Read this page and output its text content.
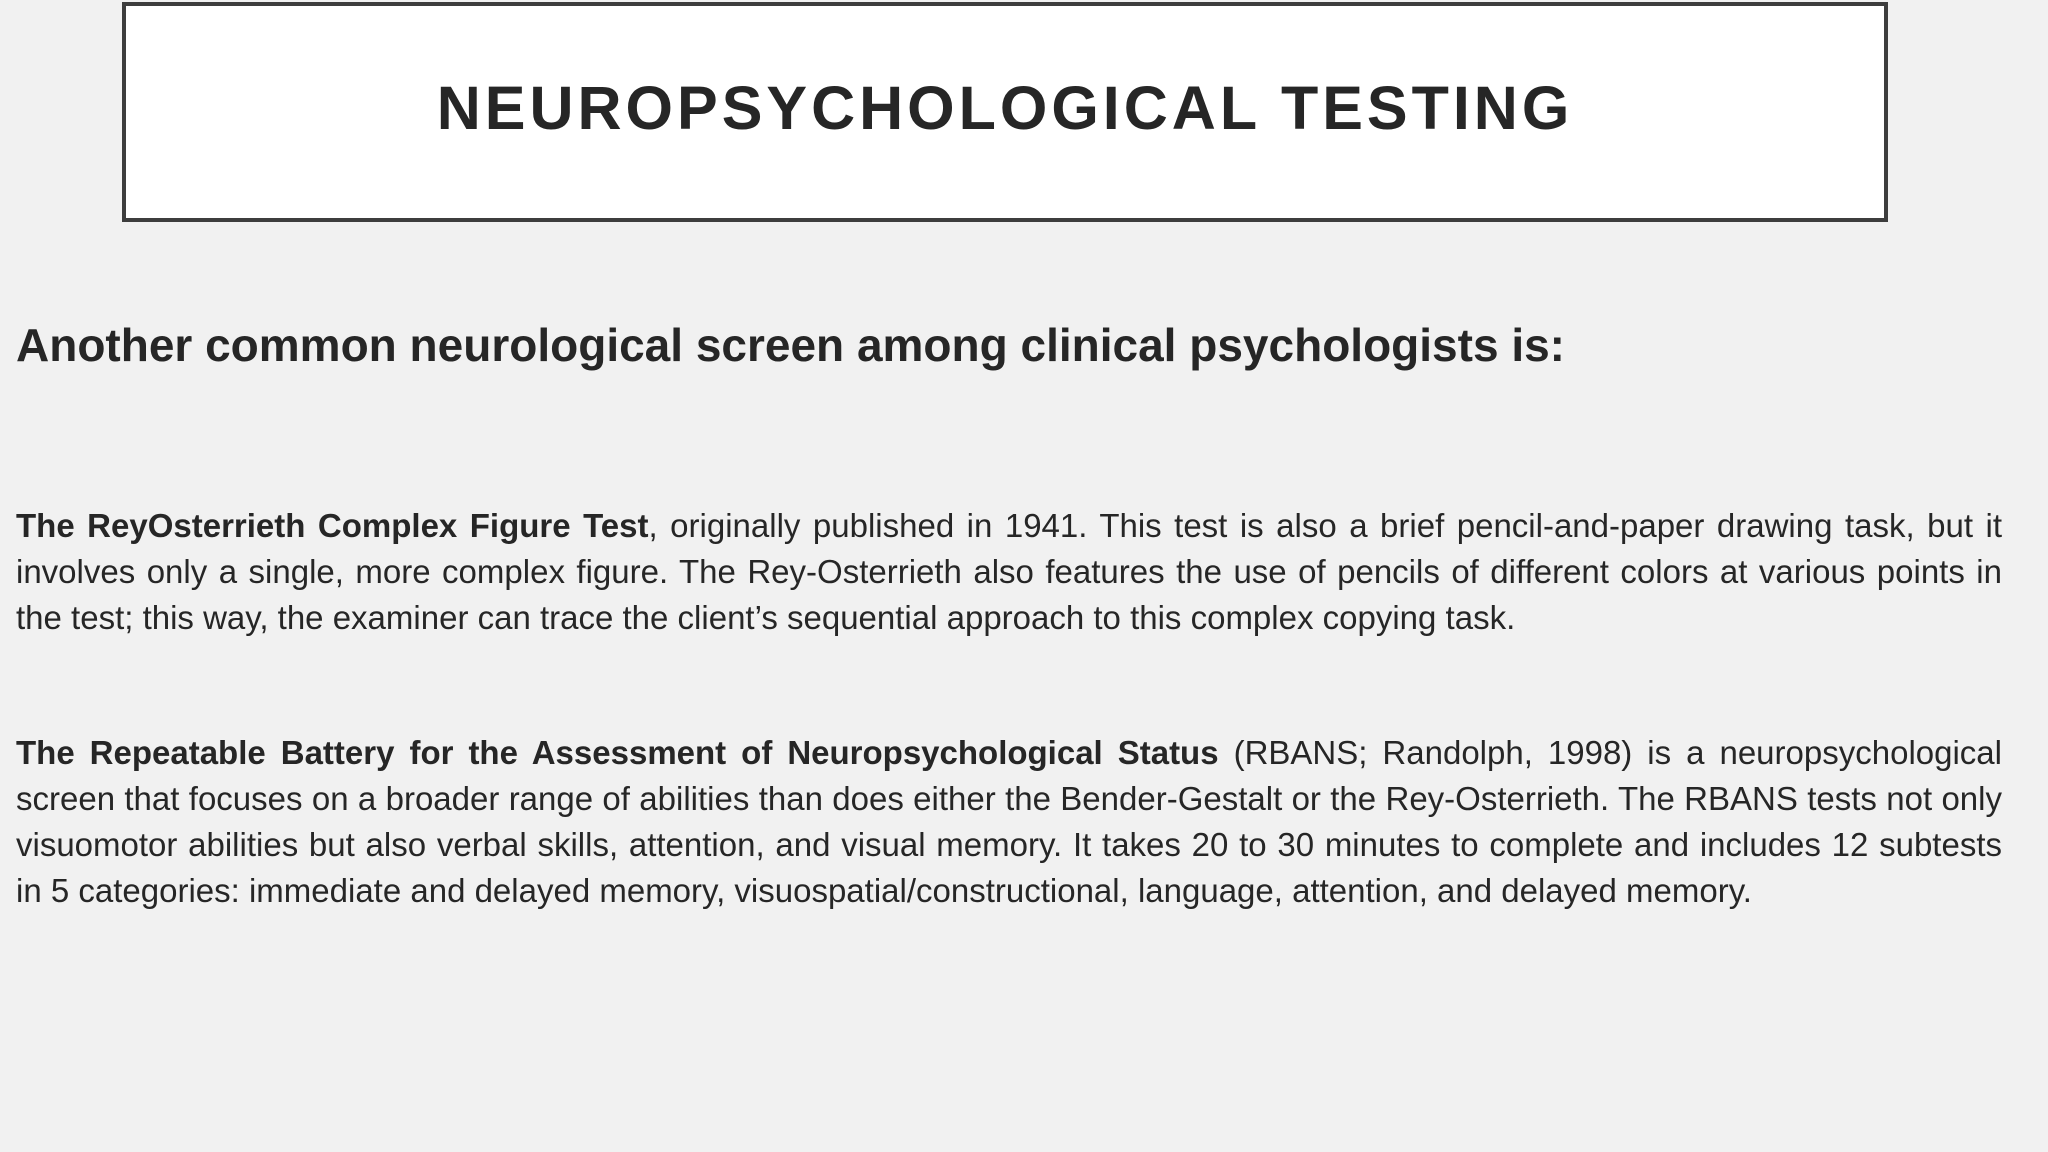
NEUROPSYCHOLOGICAL TESTING
Another common neurological screen among clinical psychologists is:

The ReyOsterrieth Complex Figure Test, originally published in 1941. This test is also a brief pencil-and-paper drawing task, but it involves only a single, more complex figure. The Rey-Osterrieth also features the use of pencils of different colors at various points in the test; this way, the examiner can trace the client’s sequential approach to this complex copying task.

The Repeatable Battery for the Assessment of Neuropsychological Status (RBANS; Randolph, 1998) is a neuropsychological screen that focuses on a broader range of abilities than does either the Bender-Gestalt or the Rey-Osterrieth. The RBANS tests not only visuomotor abilities but also verbal skills, attention, and visual memory. It takes 20 to 30 minutes to complete and includes 12 subtests in 5 categories: immediate and delayed memory, visuospatial/constructional, language, attention, and delayed memory.
